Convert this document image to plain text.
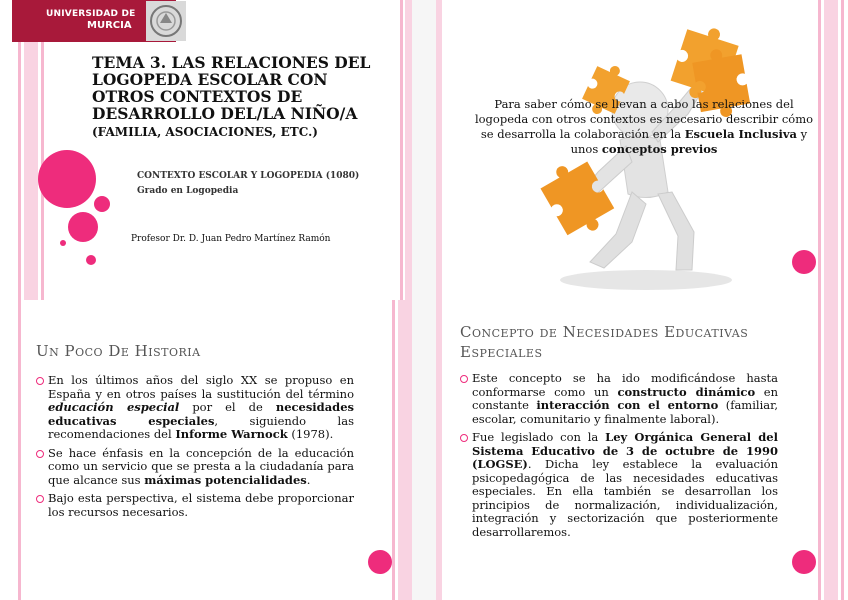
UNIVERSIDAD DE
MURCIA
TEMA 3. LAS RELACIONES DEL LOGOPEDA ESCOLAR CON OTROS CONTEXTOS DE DESARROLLO DEL/LA NIÑO/A (FAMILIA, ASOCIACIONES, ETC.)
CONTEXTO ESCOLAR Y LOGOPEDIA (1080)
Grado en Logopedia
Profesor Dr. D. Juan Pedro Martínez Ramón
Para saber cómo se llevan a cabo las relaciones del logopeda con otros contextos es necesario describir cómo se desarrolla la colaboración en la Escuela Inclusiva y unos conceptos previos
Un Poco De Historia
En los últimos años del siglo XX se propuso en España y en otros países la sustitución del término educación especial por el de necesidades educativas especiales, siguiendo las recomendaciones del Informe Warnock (1978).
Se hace énfasis en la concepción de la educación como un servicio que se presta a la ciudadanía para que alcance sus máximas potencialidades.
Bajo esta perspectiva, el sistema debe proporcionar los recursos necesarios.
Concepto de Necesidades Educativas Especiales
Este concepto se ha ido modificándose hasta conformarse como un constructo dinámico en constante interacción con el entorno (familiar, escolar, comunitario y finalmente laboral).
Fue legislado con la Ley Orgánica General del Sistema Educativo de 3 de octubre de 1990 (LOGSE). Dicha ley establece la evaluación psicopedagógica de las necesidades educativas especiales. En ella también se desarrollan los principios de normalización, individualización, integración y sectorización que posteriormente desarrollaremos.
